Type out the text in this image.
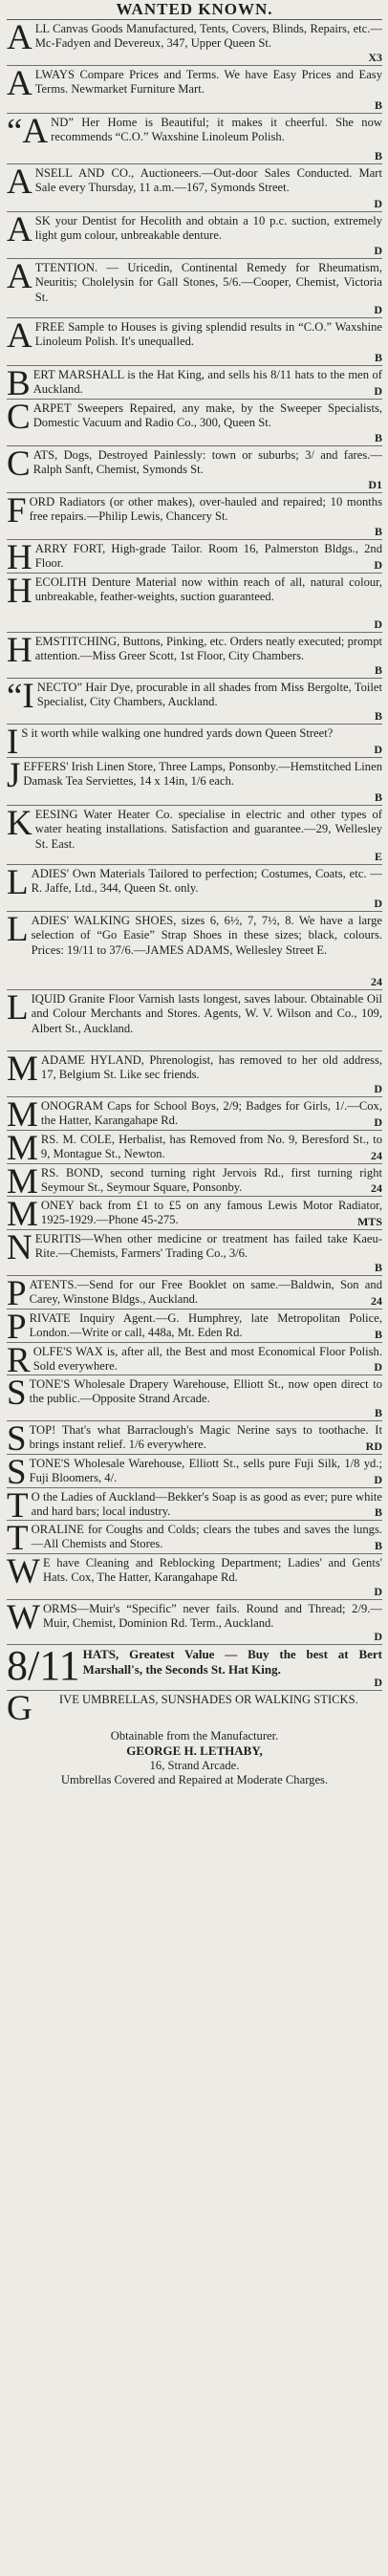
WANTED KNOWN.
ALL Canvas Goods Manufactured, Tents, Covers, Blinds, Repairs, etc.—Mc-Fadyen and Devereux, 347, Upper Queen St.
X3
ALWAYS Compare Prices and Terms. We have Easy Prices and Easy Terms. Newmarket Furniture Mart.
B
“AND” Her Home is Beautiful; it makes it cheerful. She now recommends “C.O.” Waxshine Linoleum Polish.
B
ANSELL AND CO., Auctioneers.—Out-door Sales Conducted. Mart Sale every Thursday, 11 a.m.—167, Symonds Street.
D
ASK your Dentist for Hecolith and obtain a 10 p.c. suction, extremely light gum colour, unbreakable denture.
D
ATTENTION. — Uricedin, Continental Remedy for Rheumatism, Neuritis; Cholelysin for Gall Stones, 5/6.—Cooper, Chemist, Victoria St.
D
AFREE Sample to Houses is giving splendid results in “C.O.” Waxshine Linoleum Polish. It's unequalled.
B
BERT MARSHALL is the Hat King, and sells his 8/11 hats to the men of Auckland.	D
CARPET Sweepers Repaired, any make, by the Sweeper Specialists, Domestic Vacuum and Radio Co., 300, Queen St.
B
CATS, Dogs, Destroyed Painlessly: town or suburbs; 3/ and fares.—Ralph Sanft, Chemist, Symonds St.
D1
FORD Radiators (or other makes), over-hauled and repaired; 10 months free repairs.—Philip Lewis, Chancery St.
B
HARRY FORT, High-grade Tailor. Room 16, Palmerston Bldgs., 2nd Floor.	D
HECOLITH Denture Material now within reach of all, natural colour, unbreakable, feather-weights, suction guaranteed.
D
HEMSTITCHING, Buttons, Pinking, etc. Orders neatly executed; prompt attention.—Miss Greer Scott, 1st Floor, City Chambers.
B
“INECTO” Hair Dye, procurable in all shades from Miss Bergolte, Toilet Specialist, City Chambers, Auckland.
B
I S it worth while walking one hundred yards down Queen Street?
D
JEFFERS' Irish Linen Store, Three Lamps, Ponsonby.—Hemstitched Linen Damask Tea Serviettes, 14 x 14in, 1/6 each.
B
KEESING Water Heater Co. specialise in electric and other types of water heating installations. Satisfaction and guarantee.—29, Wellesley St. East.
E
LADIES' Own Materials Tailored to perfection; Costumes, Coats, etc. — R. Jaffe, Ltd., 344, Queen St. only.
D
LADIES' WALKING SHOES, sizes 6, 6½, 7, 7½, 8. We have a large selection of “Go Easie” Strap Shoes in these sizes; black, colours. Prices: 19/11 to 37/6.—JAMES ADAMS, Wellesley Street E.
24
LIQUID Granite Floor Varnish lasts longest, saves labour. Obtainable Oil and Colour Merchants and Stores. Agents, W. V. Wilson and Co., 109, Albert St., Auckland.
MADAME HYLAND, Phrenologist, has removed to her old address, 17, Belgium St. Like sec friends.
D
MONOGRAM Caps for School Boys, 2/9; Badges for Girls, 1/.—Cox, the Hatter, Karangahape Rd.	D
MRS. M. COLE, Herbalist, has Removed from No. 9, Beresford St., to 9, Montague St., Newton.	24
MRS. BOND, second turning right Jervois Rd., first turning right Seymour St., Seymour Square, Ponsonby.	24
MONEY back from £1 to £5 on any famous Lewis Motor Radiator, 1925-1929.—Phone 45-275.	MTS
NEURITIS—When other medicine or treatment has failed take Kaeu-Rite.—Chemists, Farmers' Trading Co., 3/6.
B
PATENTS.—Send for our Free Booklet on same.—Baldwin, Son and Carey, Winstone Bldgs., Auckland.	24
PRIVATE Inquiry Agent.—G. Humphrey, late Metropolitan Police, London.—Write or call, 448a, Mt. Eden Rd.	B
ROLFE'S WAX is, after all, the Best and most Economical Floor Polish. Sold everywhere.	D
STONE'S Wholesale Drapery Warehouse, Elliott St., now open direct to the public.—Opposite Strand Arcade.
B
STOP! That's what Barraclough's Magic Nerine says to toothache. It brings instant relief. 1/6 everywhere.	RD
STONE'S Wholesale Warehouse, Elliott St., sells pure Fuji Silk, 1/8 yd.; Fuji Bloomers, 4/.	D
T O the Ladies of Auckland—Bekker's Soap is as good as ever; pure white and hard bars; local industry.	B
TORALINE for Coughs and Colds; clears the tubes and saves the lungs.—All Chemists and Stores.	B
W E have Cleaning and Reblocking Department; Ladies' and Gents' Hats. Cox, The Hatter, Karangahape Rd.
D
WORMS—Muir's “Specific” never fails. Round and Thread; 2/9.—Muir, Chemist, Dominion Rd. Term., Auckland.
D
8/11 HATS, Greatest Value — Buy the best at Bert Marshall's, the Seconds St. Hat King.
D
G IVE UMBRELLAS, SUNSHADES OR WALKING STICKS.
Obtainable from the Manufacturer.
GEORGE H. LETHABY,
16, Strand Arcade.
Umbrellas Covered and Repaired at Moderate Charges.
